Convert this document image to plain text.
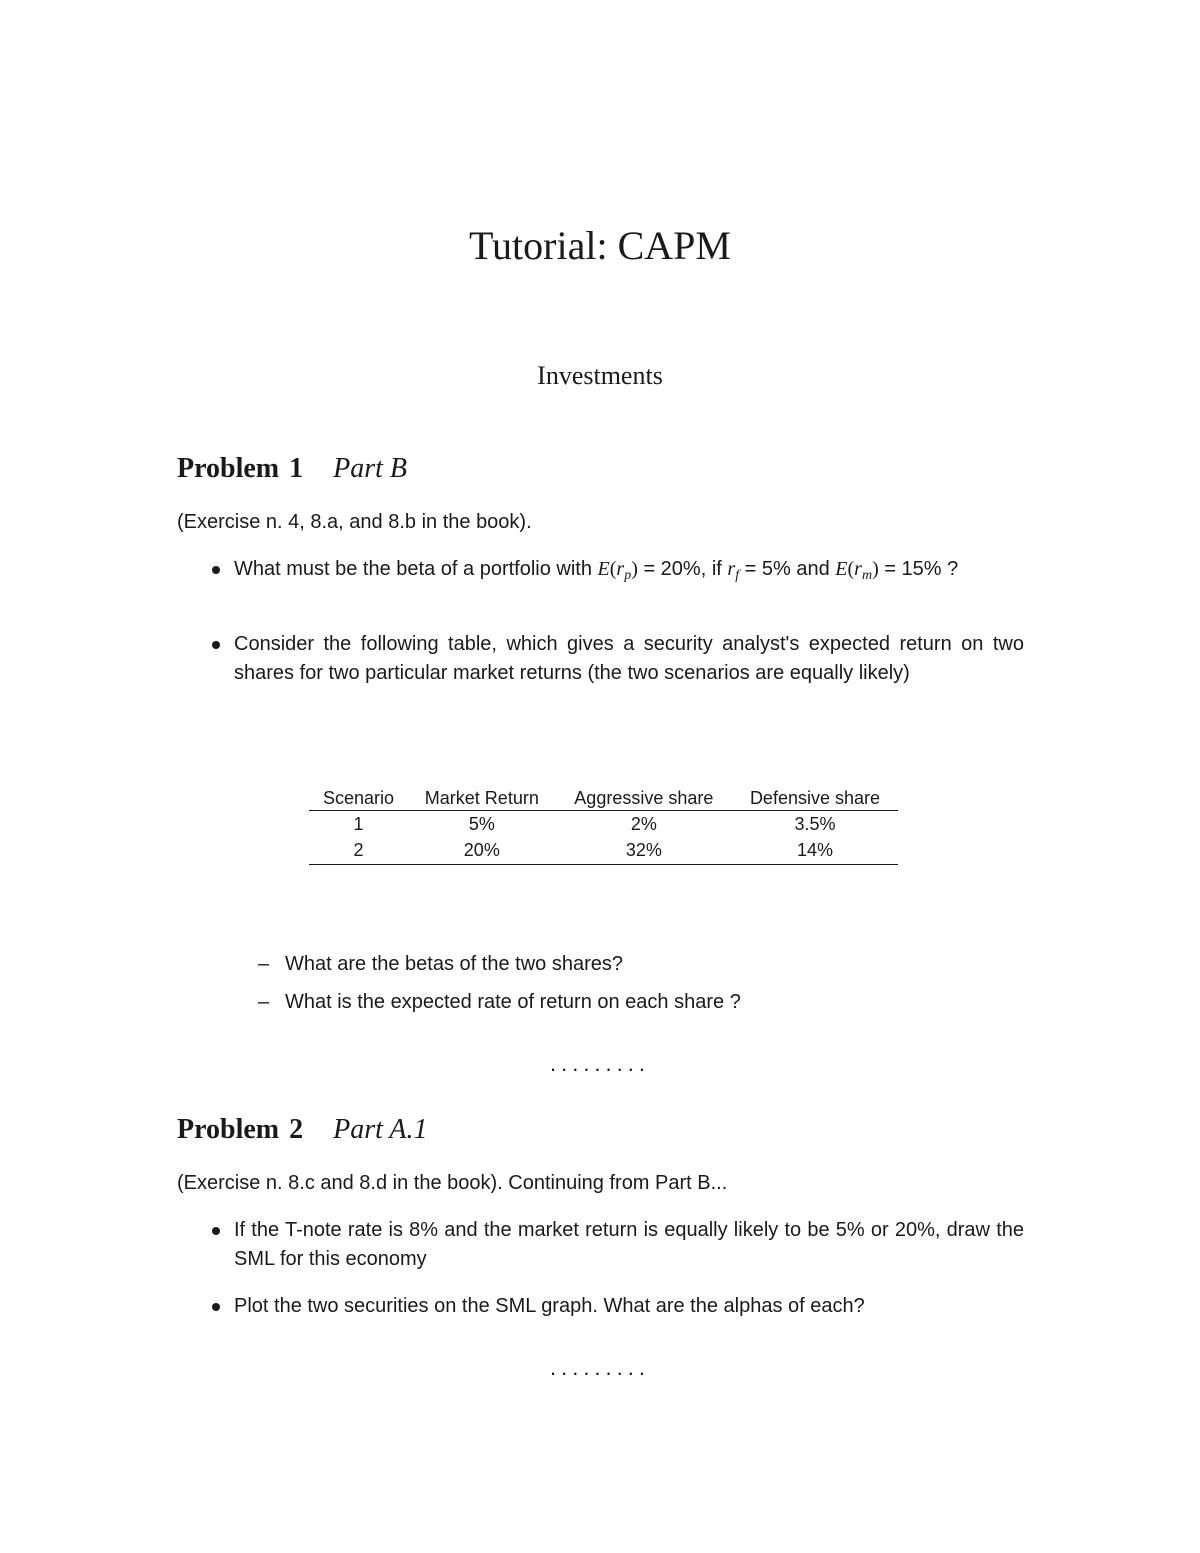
Tutorial: CAPM
Investments
Problem 1 Part B
(Exercise n. 4, 8.a, and 8.b in the book).
What must be the beta of a portfolio with $E(r_p) = 20\%$, if $r_f = 5\%$ and $E(r_m) = 15\%$ ?
Consider the following table, which gives a security analyst's expected return on two shares for two particular market returns (the two scenarios are equally likely)
Scenario	Market Return	Aggressive share	Defensive share
1	5%	2%	3.5%
2	20%	32%	14%
– What are the betas of the two shares?
– What is the expected rate of return on each share ?
.........
Problem 2 Part A.1
(Exercise n. 8.c and 8.d in the book). Continuing from Part B...
If the T-note rate is 8% and the market return is equally likely to be 5% or 20%, draw the SML for this economy
Plot the two securities on the SML graph. What are the alphas of each?
.........
